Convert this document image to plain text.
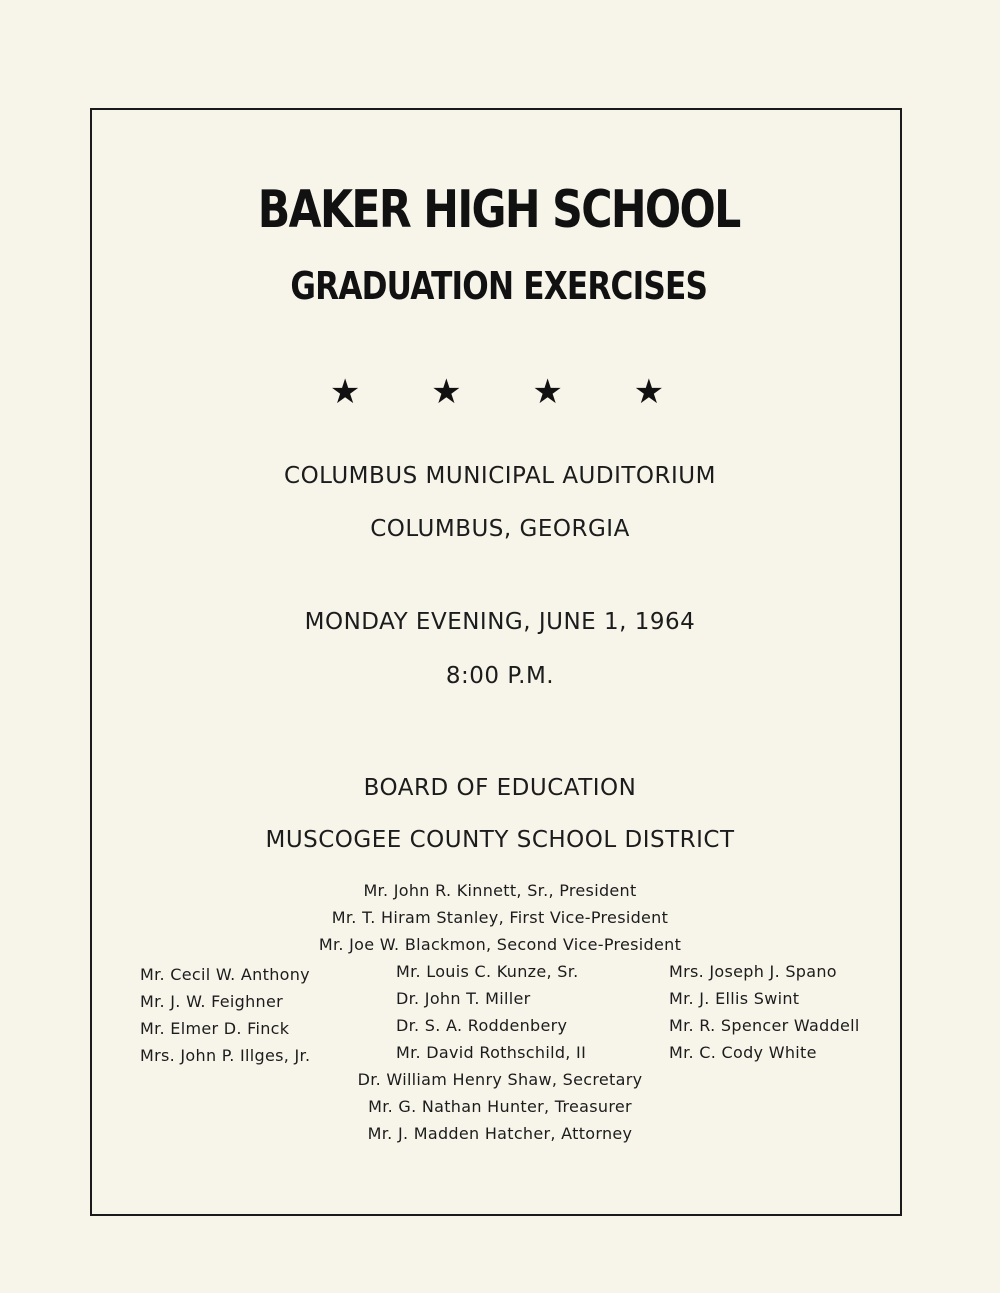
BAKER HIGH SCHOOL
GRADUATION EXERCISES
★ ★ ★ ★
COLUMBUS MUNICIPAL AUDITORIUM
COLUMBUS, GEORGIA
MONDAY EVENING, JUNE 1, 1964
8:00 P.M.
BOARD OF EDUCATION
MUSCOGEE COUNTY SCHOOL DISTRICT
Mr. John R. Kinnett, Sr., President
Mr. T. Hiram Stanley, First Vice-President
Mr. Joe W. Blackmon, Second Vice-President
Mr. Cecil W. Anthony
Mr. J. W. Feighner
Mr. Elmer D. Finck
Mrs. John P. Illges, Jr.
Mr. Louis C. Kunze, Sr.
Dr. John T. Miller
Dr. S. A. Roddenbery
Mr. David Rothschild, II
Mrs. Joseph J. Spano
Mr. J. Ellis Swint
Mr. R. Spencer Waddell
Mr. C. Cody White
Dr. William Henry Shaw, Secretary
Mr. G. Nathan Hunter, Treasurer
Mr. J. Madden Hatcher, Attorney
